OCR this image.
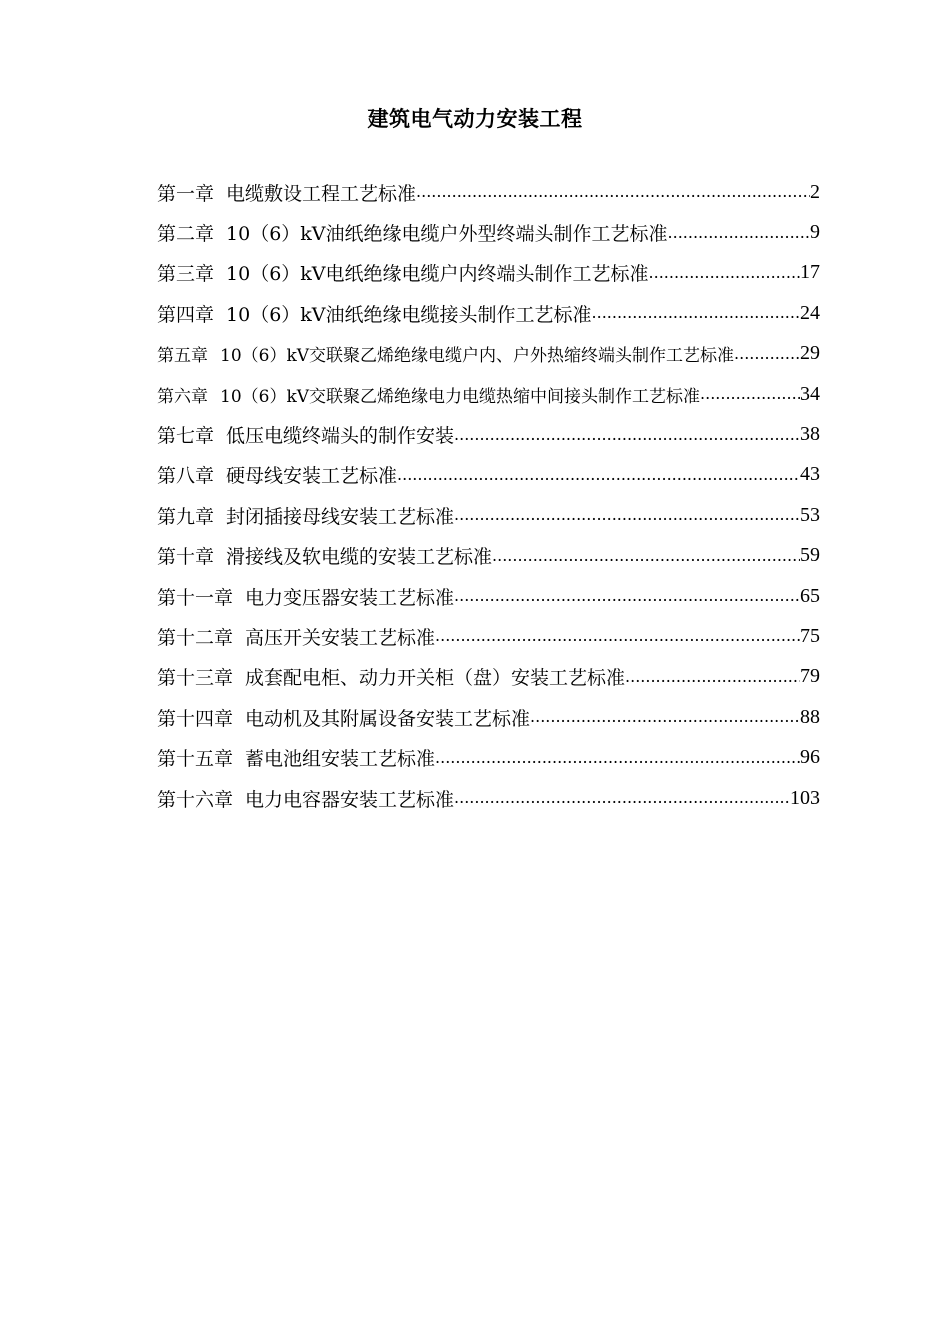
建筑电气动力安装工程
第一章 电缆敷设工程工艺标准 .....	2
第二章 10（6）kV油纸绝缘电缆户外型终端头制作工艺标准 .....	9
第三章 10（6）kV电纸绝缘电缆户内终端头制作工艺标准 .....	17
第四章 10（6）kV油纸绝缘电缆接头制作工艺标准 .....	24
第五章 10（6）kV交联聚乙烯绝缘电缆户内、户外热缩终端头制作工艺标准 .....	29
第六章 10（6）kV交联聚乙烯绝缘电力电缆热缩中间接头制作工艺标准 .....	34
第七章 低压电缆终端头的制作安装 .....	38
第八章 硬母线安装工艺标准 .....	43
第九章 封闭插接母线安装工艺标准 .....	53
第十章 滑接线及软电缆的安装工艺标准 .....	59
第十一章 电力变压器安装工艺标准 .....	65
第十二章 高压开关安装工艺标准 .....	75
第十三章 成套配电柜、动力开关柜（盘）安装工艺标准 .....	79
第十四章 电动机及其附属设备安装工艺标准 .....	88
第十五章 蓄电池组安装工艺标准 .....	96
第十六章 电力电容器安装工艺标准 .....	103
